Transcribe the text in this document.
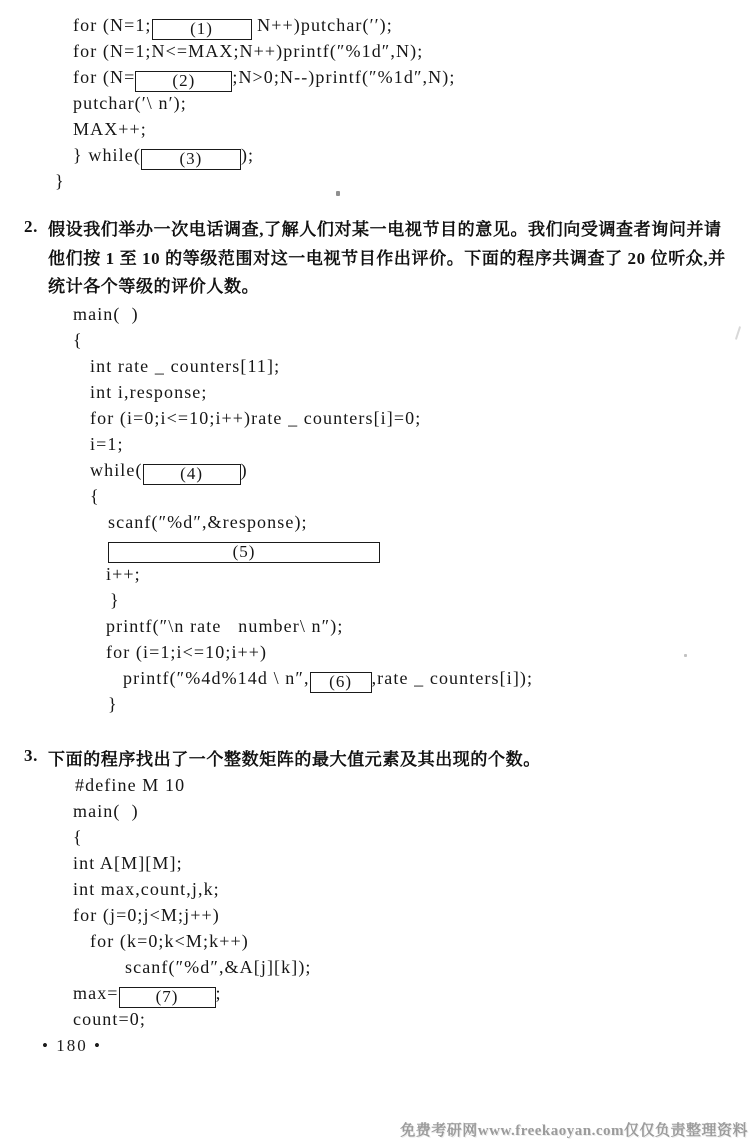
for (N=1; (1) N++)putchar(′′);
for (N=1;N<=MAX;N++)printf(″%1d″,N);
for (N= (2) ;N>0;N--)printf(″%1d″,N);
putchar(′\ n′);
MAX++;
} while( (3) );
}
2. 假设我们举办一次电话调查,了解人们对某一电视节目的意见。我们向受调查者询问并请
他们按 1 至 10 的等级范围对这一电视节目作出评价。下面的程序共调查了 20 位听众,并
统计各个等级的评价人数。
main(  )
{
int rate _ counters[11];
int i,response;
for (i=0;i<=10;i++)rate _ counters[i]=0;
i=1;
while( (4) )
{
scanf(″%d″,&response);
(5)
i++;
}
printf(″\n rate   number\ n″);
for (i=1;i<=10;i++)
printf(″%4d%14d \ n″, (6) ,rate _ counters[i]);
}
3. 下面的程序找出了一个整数矩阵的最大值元素及其出现的个数。
#define M 10
main(  )
{
int A[M][M];
int max,count,j,k;
for (j=0;j<M;j++)
for (k=0;k<M;k++)
scanf(″%d″,&A[j][k]);
max= (7) ;
count=0;
• 180 •
免费考研网www.freekaoyan.com仅仅负责整理资料
